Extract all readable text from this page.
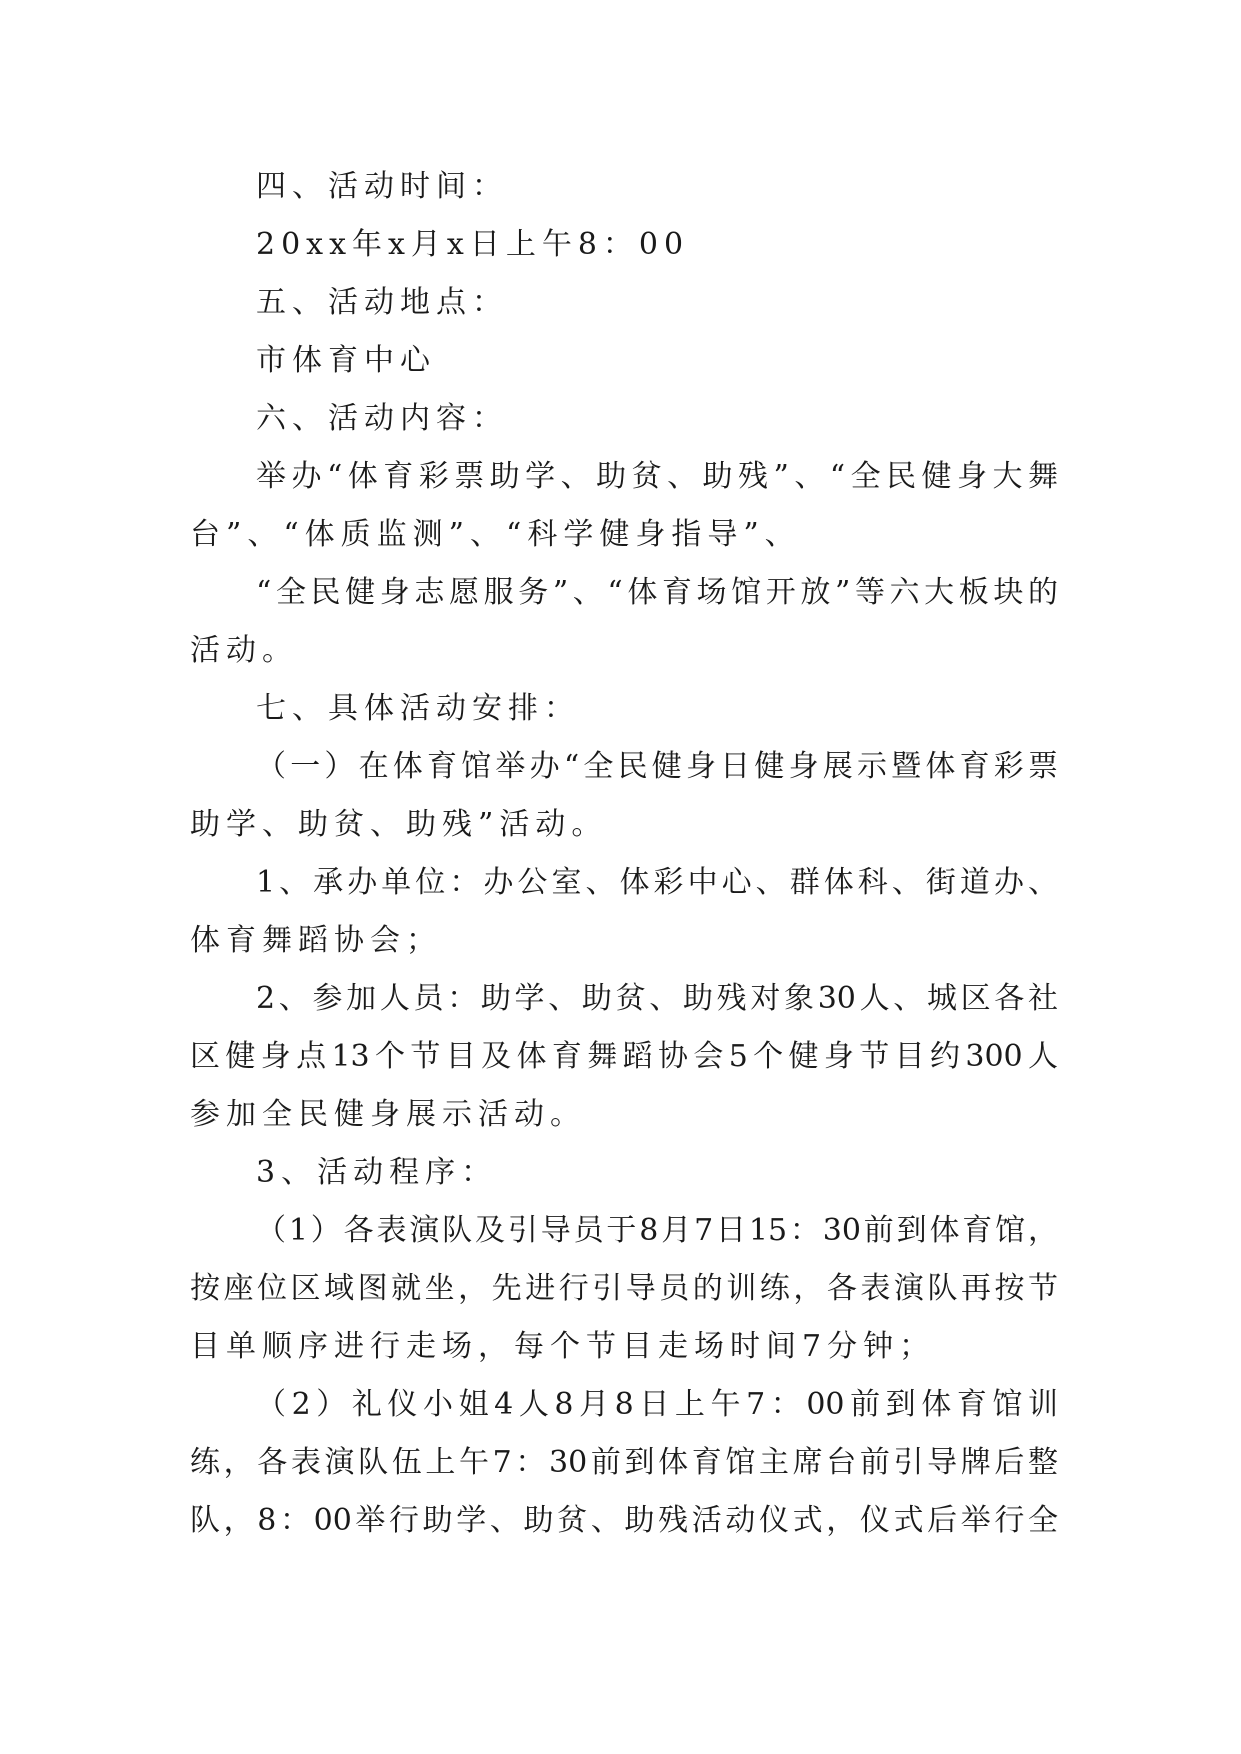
四、活动时间：
20xx年x月x日上午8：00
五、活动地点：
市体育中心
六、活动内容：
举办“体育彩票助学、助贫、助残”、“全民健身大舞
台”、“体质监测”、“科学健身指导”、
“全民健身志愿服务”、“体育场馆开放”等六大板块的
活动。
七、具体活动安排：
（一）在体育馆举办“全民健身日健身展示暨体育彩票
助学、助贫、助残”活动。
1、承办单位：办公室、体彩中心、群体科、街道办、
体育舞蹈协会；
2、参加人员：助学、助贫、助残对象30人、城区各社
区健身点13个节目及体育舞蹈协会5个健身节目约300人
参加全民健身展示活动。
3、活动程序：
（1）各表演队及引导员于8月7日15：30前到体育馆，
按座位区域图就坐，先进行引导员的训练，各表演队再按节
目单顺序进行走场，每个节目走场时间7分钟；
（2）礼仪小姐4人8月8日上午7：00前到体育馆训
练，各表演队伍上午7：30前到体育馆主席台前引导牌后整
队，8：00举行助学、助贫、助残活动仪式，仪式后举行全
